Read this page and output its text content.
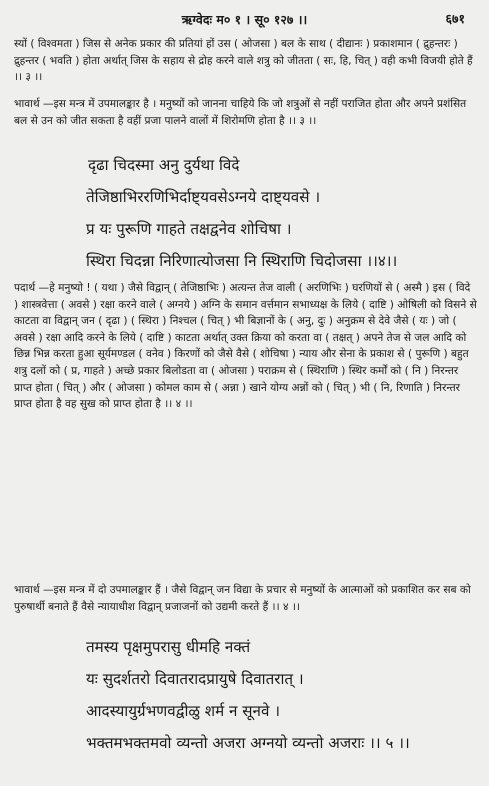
ऋग्वेदः म० १ । सू० १२७ ।।	६७१
स्यों ( विश्वमता ) जिस से अनेक प्रकार की प्रतियां हों उस ( ओजसा ) बल के साथ ( दीद्यानः ) प्रकाशमान ( द्रुहन्तरः ) द्रुहन्तर ( भवति ) होता अर्थात् जिस के सहाय से द्रोह करने वाले शत्रु को जीतता ( सः, हि, चित् ) वही कभी विजयी होते हैं ।। ३ ।।
भावार्थ —इस मन्त्र में उपमालङ्कार है । मनुष्यों को जानना चाहिये कि जो शत्रुओं से नहीं पराजित होता और अपने प्रशंसित बल से उन को जीत सकता है वहीं प्रजा पालने वालों में शिरोमणि होता है ।। ३ ।।
दृढा चिदस्मा अनु दुर्यथा विदे
तेजिष्ठाभिररणिभिर्दाष्ट्यवसेऽग्नये दाष्ट्यवसे ।
प्र यः पुरूणि गाहते तक्षद्वनेव शोचिषा ।
स्थिरा चिदन्ना निरिणात्योजसा नि स्थिराणि चिदोजसा ।।४।।
पदार्थ —हे मनुष्यो ! ( यथा ) जैसे विद्वान् ( तेजिष्ठाभिः ) अत्यन्त तेज वाली ( अरणिभिः ) घरणियों से ( अस्मै ) इस ( विदे ) शास्त्रवेत्ता ( अवसे ) रक्षा करने वाले ( अग्नये ) अग्नि के समान वर्त्तमान सभाध्यक्ष के लिये ( दाष्टि ) ओषिली को विसने से काटता वा विद्वान् जन ( दृढा ) ( स्थिरा ) निश्चल ( चित् ) भी बिज्ञानों के ( अनु, दुः ) अनुक्रम से देवे जैसे ( यः ) जो ( अवसे ) रक्षा आदि करने के लिये ( दाष्टि ) काटता अर्थात् उक्त क्रिया को करता वा ( तक्षत् ) अपने तेज से जल आदि को छिन्न भिन्न करता हुआ सूर्यमण्डल ( वनेव ) किरणों को जैसे वैसे ( शोचिषा ) न्याय और सेना के प्रकाश से ( पुरूणि ) बहुत शत्रु दलों को ( प्र, गाहते ) अच्छे प्रकार बिलोडता वा ( ओजसा ) पराक्रम से ( स्थिराणि ) स्थिर कर्मों को ( नि ) निरन्तर प्राप्त होता ( चित् ) और ( ओजसा ) कोमल काम से ( अन्ना ) खाने योग्य अन्नों को ( चित् ) भी ( नि, रिणाति ) निरन्तर प्राप्त होता है वह सुख को प्राप्त होता है ।। ४ ।।
भावार्थ —इस मन्त्र में दो उपमालङ्कार हैं । जैसे विद्वान् जन विद्या के प्रचार से मनुष्यों के आत्माओं को प्रकाशित कर सब को पुरुषार्थी बनाते हैं वैसे न्यायाधीश विद्वान् प्रजाजनों को उद्यमी करते हैं ।। ४ ।।
तमस्य पृक्षमुपरासु धीमहि नक्तं
यः सुदर्शतरो दिवातरादप्रायुषे दिवातरात् ।
आदस्यायुर्ग्रभणवद्वीळु शर्म न सूनवे ।
भक्तमभक्तमवो व्यन्तो अजरा अग्नयो व्यन्तो अजराः ।। ५ ।।
